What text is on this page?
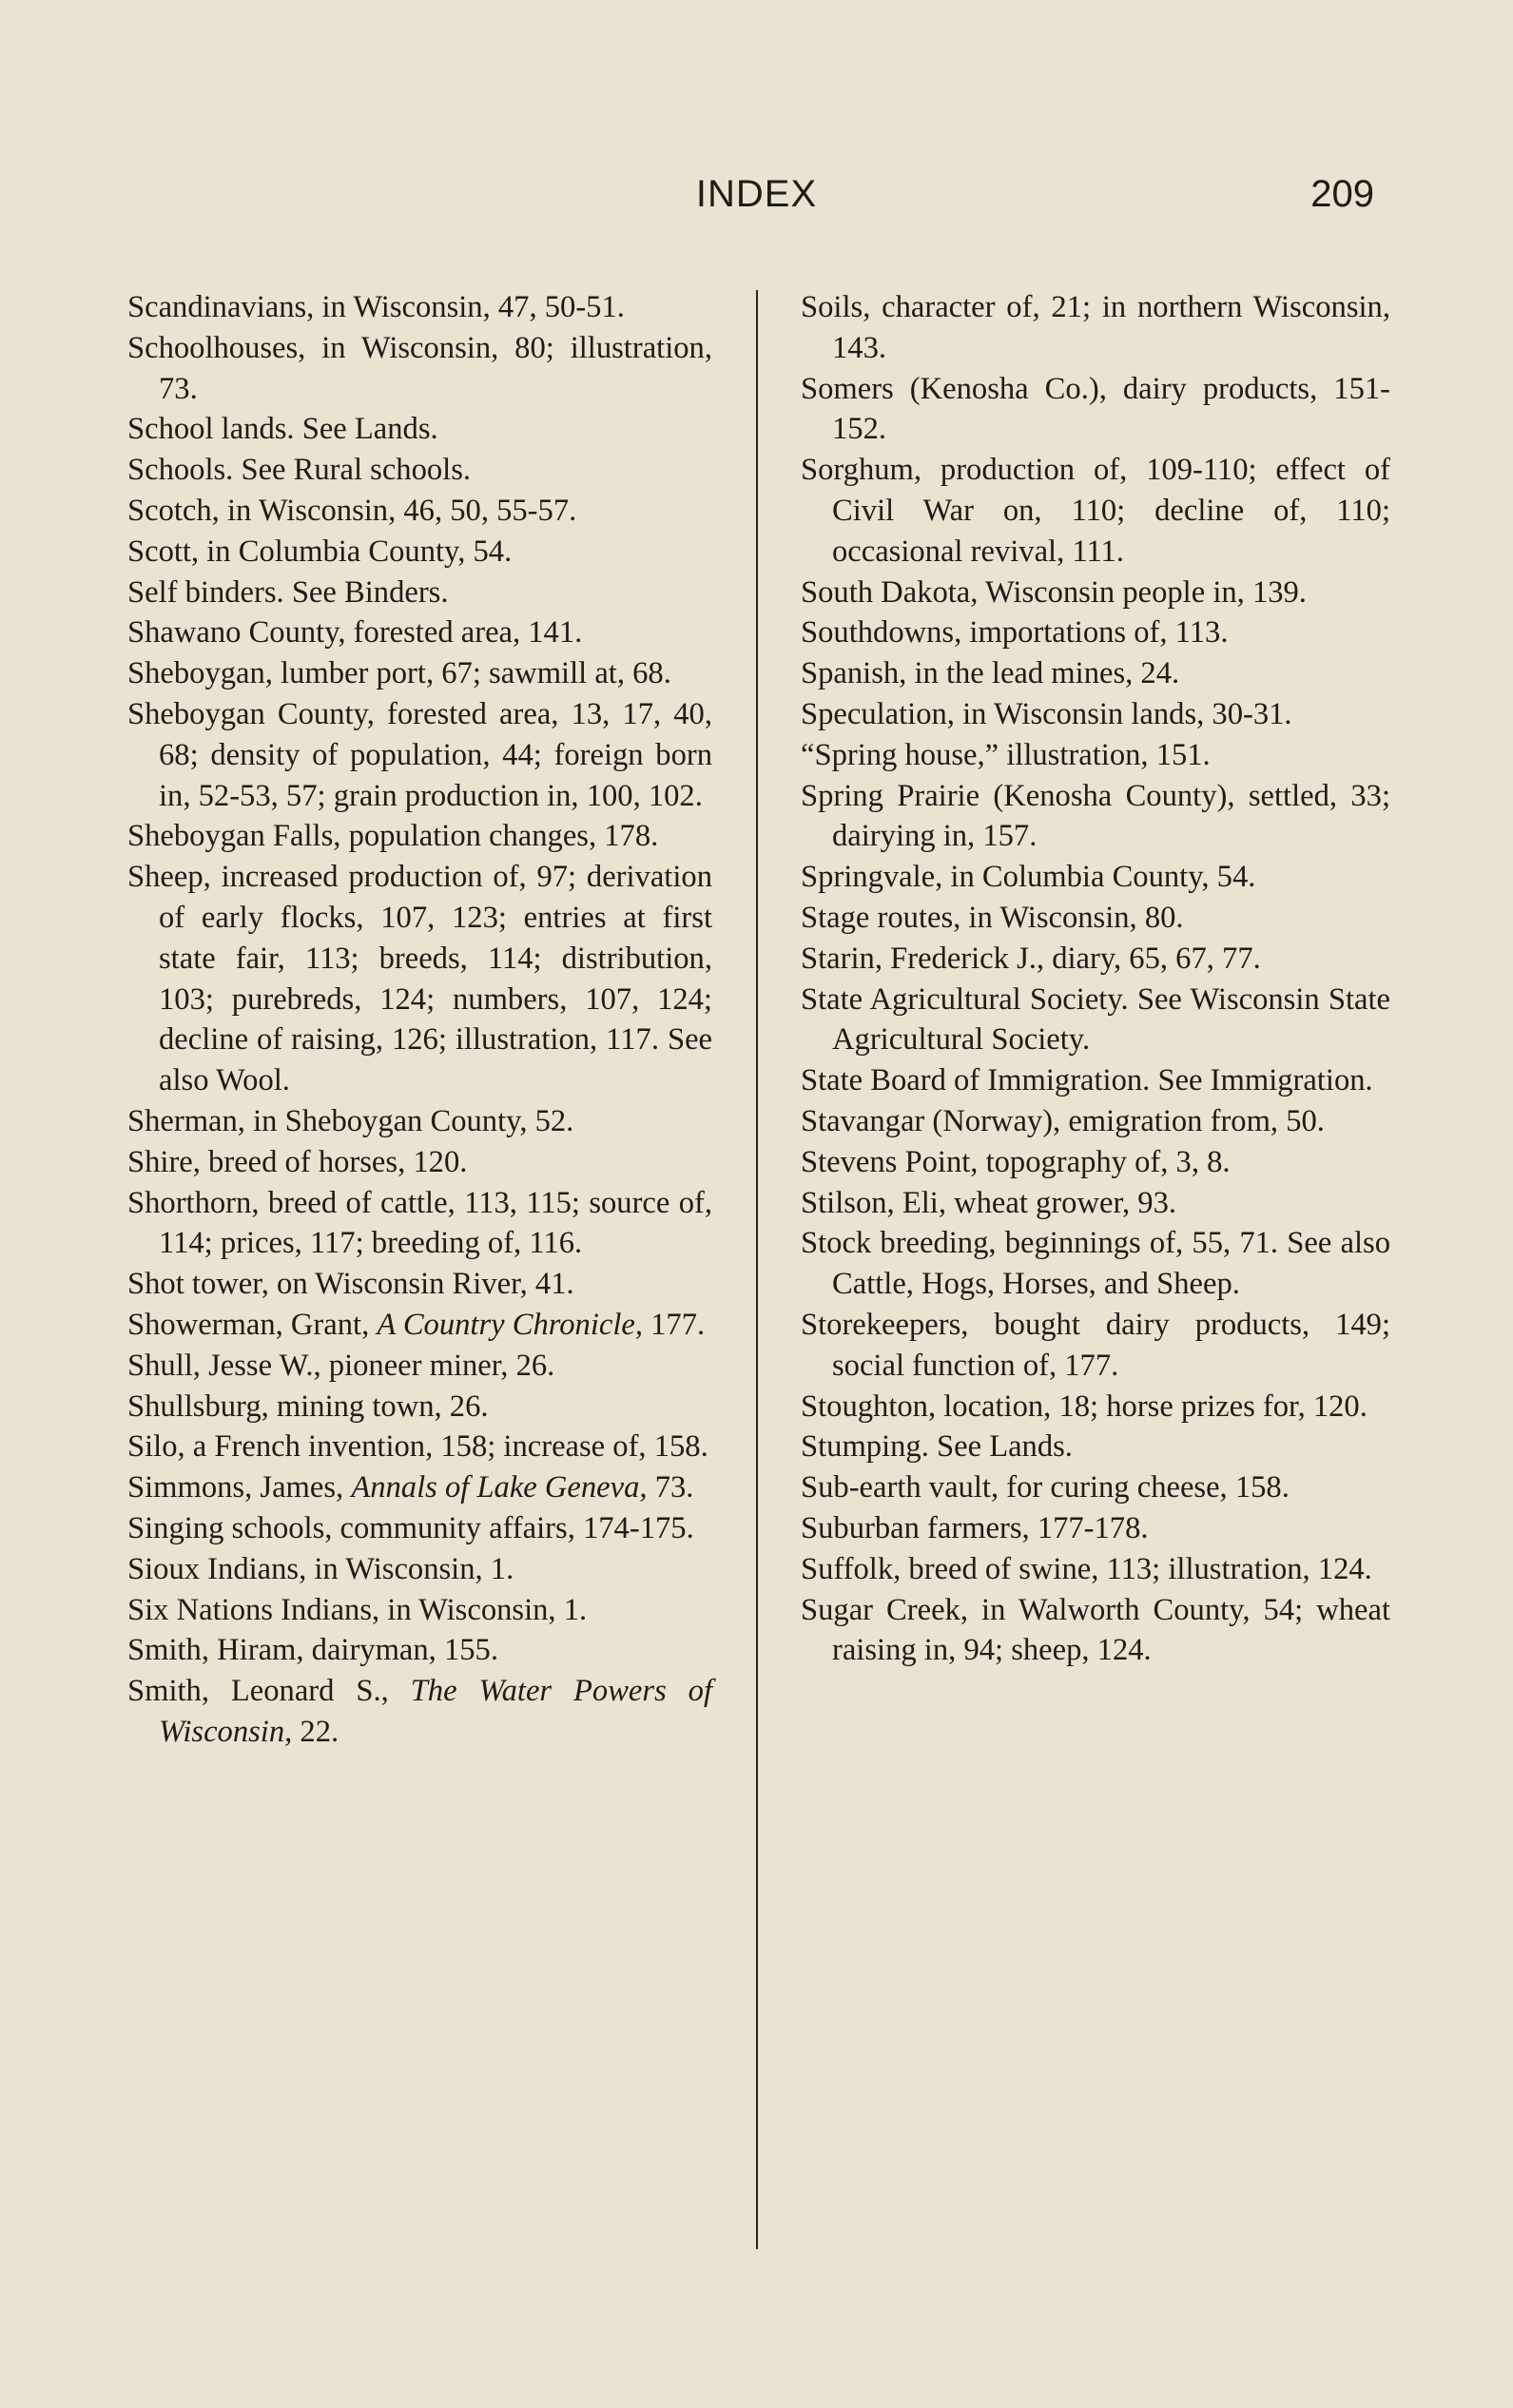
INDEX	209
Scandinavians, in Wisconsin, 47, 50-51.
Schoolhouses, in Wisconsin, 80; illustration, 73.
School lands. See Lands.
Schools. See Rural schools.
Scotch, in Wisconsin, 46, 50, 55-57.
Scott, in Columbia County, 54.
Self binders. See Binders.
Shawano County, forested area, 141.
Sheboygan, lumber port, 67; sawmill at, 68.
Sheboygan County, forested area, 13, 17, 40, 68; density of population, 44; foreign born in, 52-53, 57; grain production in, 100, 102.
Sheboygan Falls, population changes, 178.
Sheep, increased production of, 97; derivation of early flocks, 107, 123; entries at first state fair, 113; breeds, 114; distribution, 103; purebreds, 124; numbers, 107, 124; decline of raising, 126; illustration, 117. See also Wool.
Sherman, in Sheboygan County, 52.
Shire, breed of horses, 120.
Shorthorn, breed of cattle, 113, 115; source of, 114; prices, 117; breeding of, 116.
Shot tower, on Wisconsin River, 41.
Showerman, Grant, A Country Chronicle, 177.
Shull, Jesse W., pioneer miner, 26.
Shullsburg, mining town, 26.
Silo, a French invention, 158; increase of, 158.
Simmons, James, Annals of Lake Geneva, 73.
Singing schools, community affairs, 174-175.
Sioux Indians, in Wisconsin, 1.
Six Nations Indians, in Wisconsin, 1.
Smith, Hiram, dairyman, 155.
Smith, Leonard S., The Water Powers of Wisconsin, 22.
Soils, character of, 21; in northern Wisconsin, 143.
Somers (Kenosha Co.), dairy products, 151-152.
Sorghum, production of, 109-110; effect of Civil War on, 110; decline of, 110; occasional revival, 111.
South Dakota, Wisconsin people in, 139.
Southdowns, importations of, 113.
Spanish, in the lead mines, 24.
Speculation, in Wisconsin lands, 30-31.
“Spring house,” illustration, 151.
Spring Prairie (Kenosha County), settled, 33; dairying in, 157.
Springvale, in Columbia County, 54.
Stage routes, in Wisconsin, 80.
Starin, Frederick J., diary, 65, 67, 77.
State Agricultural Society. See Wisconsin State Agricultural Society.
State Board of Immigration. See Immigration.
Stavangar (Norway), emigration from, 50.
Stevens Point, topography of, 3, 8.
Stilson, Eli, wheat grower, 93.
Stock breeding, beginnings of, 55, 71. See also Cattle, Hogs, Horses, and Sheep.
Storekeepers, bought dairy products, 149; social function of, 177.
Stoughton, location, 18; horse prizes for, 120.
Stumping. See Lands.
Sub-earth vault, for curing cheese, 158.
Suburban farmers, 177-178.
Suffolk, breed of swine, 113; illustration, 124.
Sugar Creek, in Walworth County, 54; wheat raising in, 94; sheep, 124.
